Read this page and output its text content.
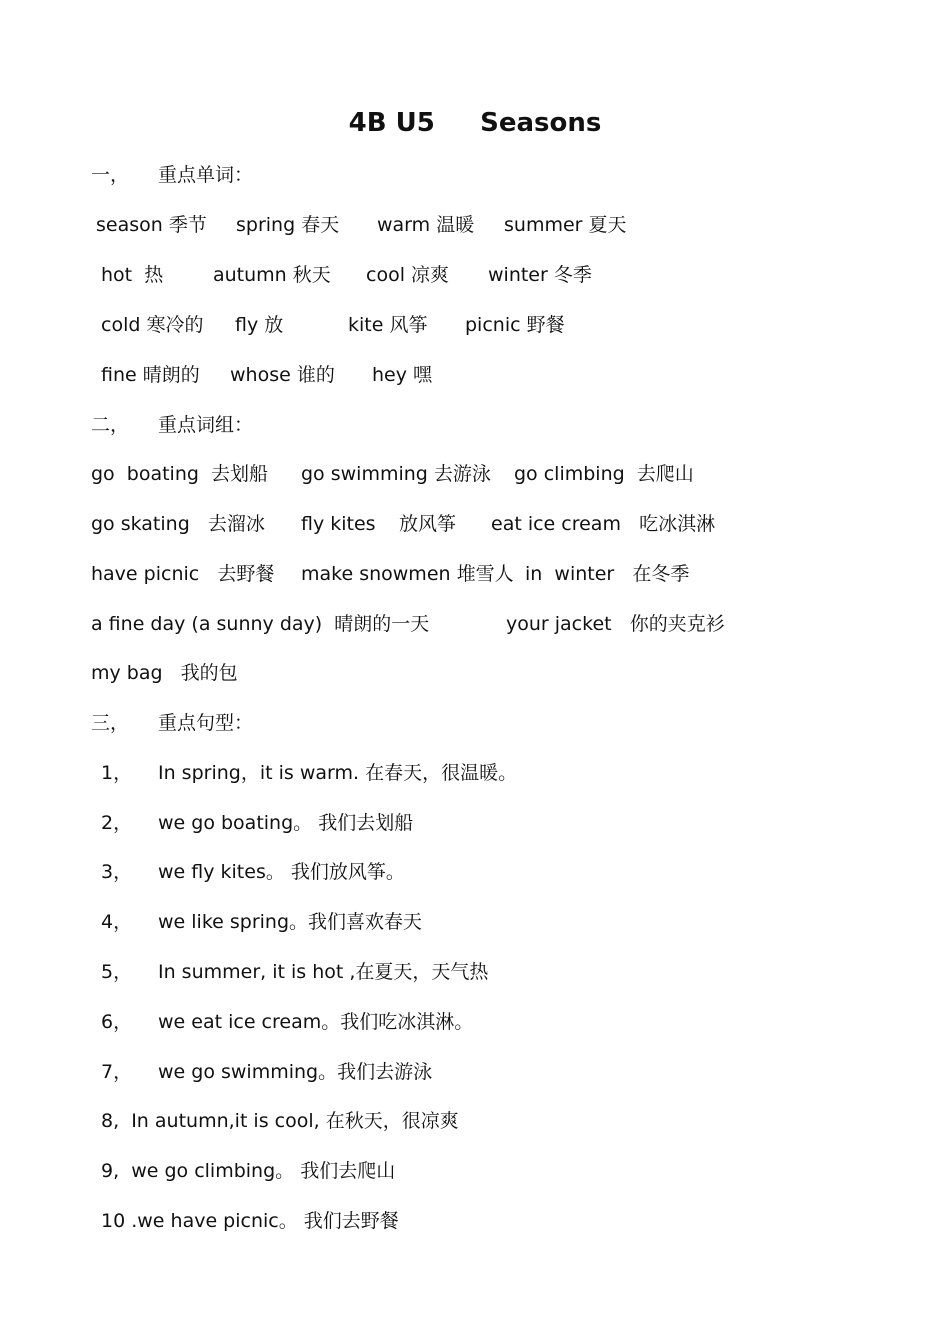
4B U5     Seasons

一，

重点单词：

season 季节

spring 春天

warm 温暖

summer 夏天

hot  热

	autumn 秋天

cool 凉爽

winter 冬季

cold 寒冷的

fly 放

	kite 风筝

picnic 野餐

fine 晴朗的

whose 谁的

hey 嘿

二，

重点词组：

go  boating  去划船

go swimming 去游泳

go climbing  去爬山

go skating   去溜冰

fly kites

放风筝

eat ice cream   吃冰淇淋

have picnic   去野餐

make snowmen 堆雪人

in  winter   在冬季

a fine day (a sunny day)  晴朗的一天

	your jacket   你的夹克衫

my bag   我的包

三，

重点句型：

1，

In spring，it is warm. 在春天，很温暖。

2，

we go boating。 我们去划船

3，

we fly kites。 我们放风筝。

4，

we like spring。我们喜欢春天

5，

In summer, it is hot ,在夏天，天气热

6，

we eat ice cream。我们吃冰淇淋。

7，

we go swimming。我们去游泳

8,  In autumn,it is cool, 在秋天，很凉爽
9,  we go climbing。 我们去爬山
10 .we have picnic。 我们去野餐
